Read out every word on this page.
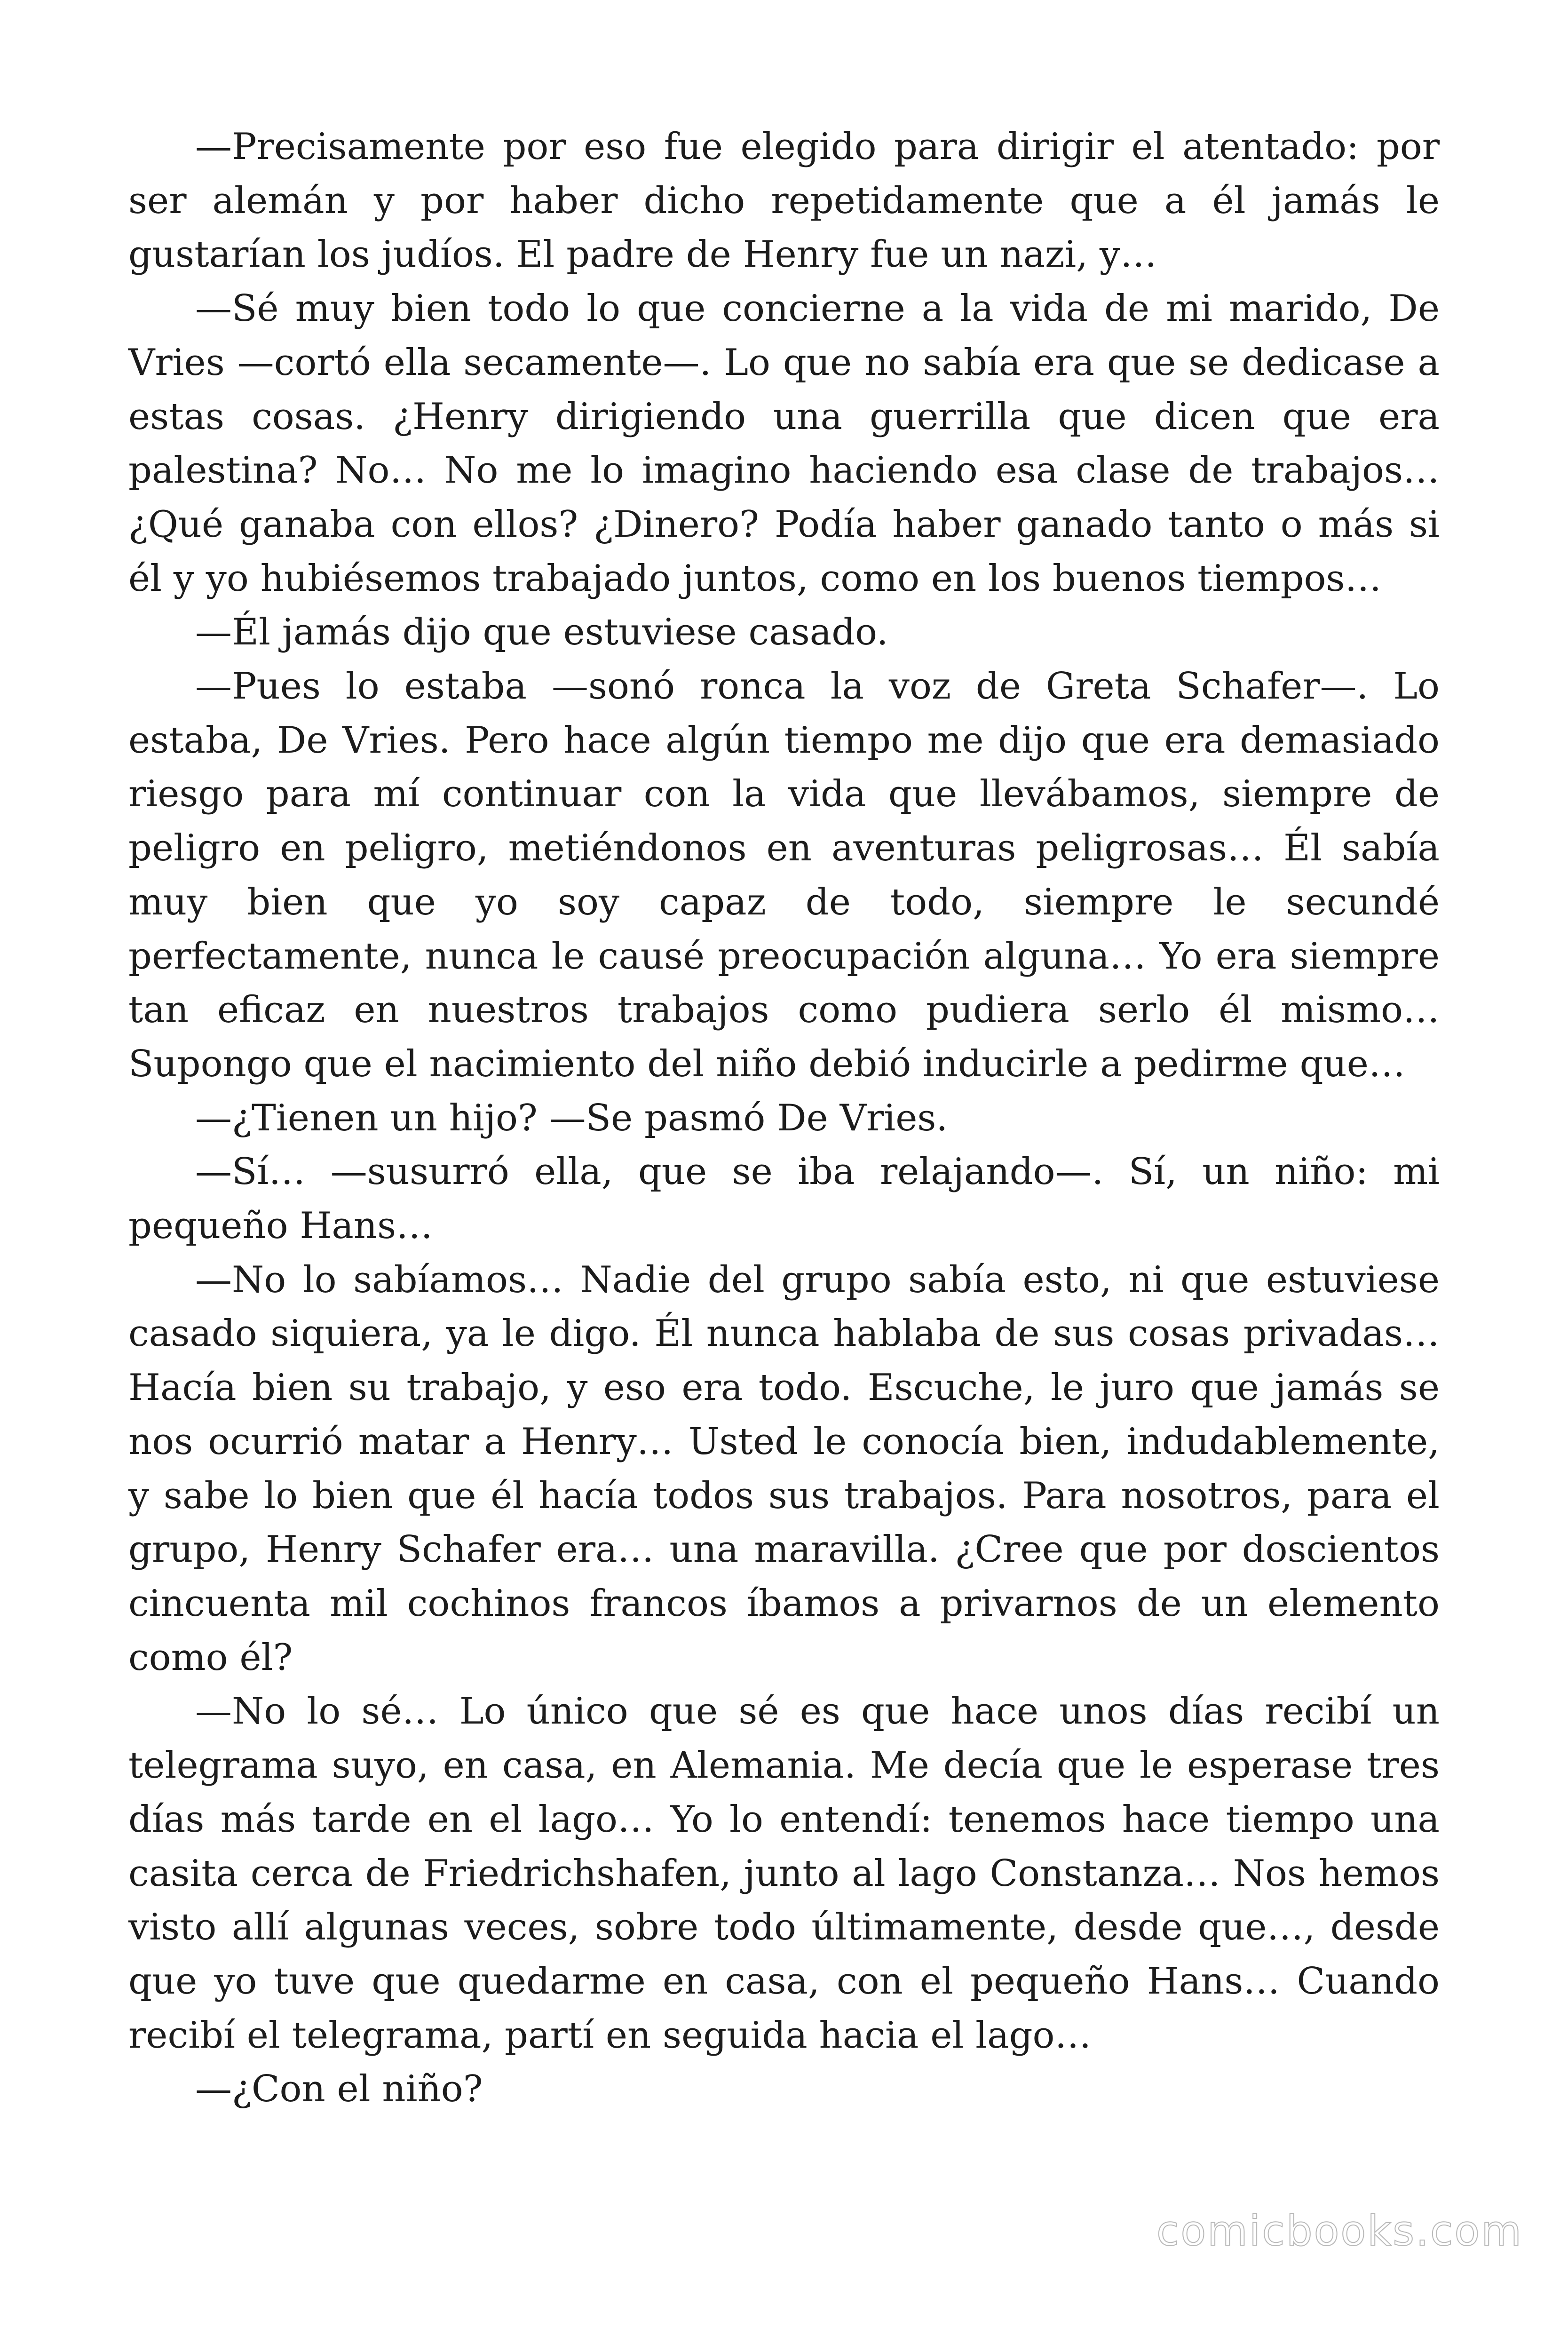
—Precisamente por eso fue elegido para dirigir el atentado: por ser alemán y por haber dicho repetidamente que a él jamás le gustarían los judíos. El padre de Henry fue un nazi, y…

—Sé muy bien todo lo que concierne a la vida de mi marido, De Vries —cortó ella secamente—. Lo que no sabía era que se dedicase a estas cosas. ¿Henry dirigiendo una guerrilla que dicen que era palestina? No… No me lo imagino haciendo esa clase de trabajos… ¿Qué ganaba con ellos? ¿Dinero? Podía haber ganado tanto o más si él y yo hubiésemos trabajado juntos, como en los buenos tiempos…

—Él jamás dijo que estuviese casado.

—Pues lo estaba —sonó ronca la voz de Greta Schafer—. Lo estaba, De Vries. Pero hace algún tiempo me dijo que era demasiado riesgo para mí continuar con la vida que llevábamos, siempre de peligro en peligro, metiéndonos en aventuras peligrosas… Él sabía muy bien que yo soy capaz de todo, siempre le secundé perfectamente, nunca le causé preocupación alguna… Yo era siempre tan eficaz en nuestros trabajos como pudiera serlo él mismo… Supongo que el nacimiento del niño debió inducirle a pedirme que…

—¿Tienen un hijo? —Se pasmó De Vries.

—Sí… —susurró ella, que se iba relajando—. Sí, un niño: mi pequeño Hans…

—No lo sabíamos… Nadie del grupo sabía esto, ni que estuviese casado siquiera, ya le digo. Él nunca hablaba de sus cosas privadas… Hacía bien su trabajo, y eso era todo. Escuche, le juro que jamás se nos ocurrió matar a Henry… Usted le conocía bien, indudablemente, y sabe lo bien que él hacía todos sus trabajos. Para nosotros, para el grupo, Henry Schafer era… una maravilla. ¿Cree que por doscientos cincuenta mil cochinos francos íbamos a privarnos de un elemento como él?

—No lo sé… Lo único que sé es que hace unos días recibí un telegrama suyo, en casa, en Alemania. Me decía que le esperase tres días más tarde en el lago… Yo lo entendí: tenemos hace tiempo una casita cerca de Friedrichshafen, junto al lago Constanza… Nos hemos visto allí algunas veces, sobre todo últimamente, desde que…, desde que yo tuve que quedarme en casa, con el pequeño Hans… Cuando recibí el telegrama, partí en seguida hacia el lago…

—¿Con el niño?

comicbooks.com
